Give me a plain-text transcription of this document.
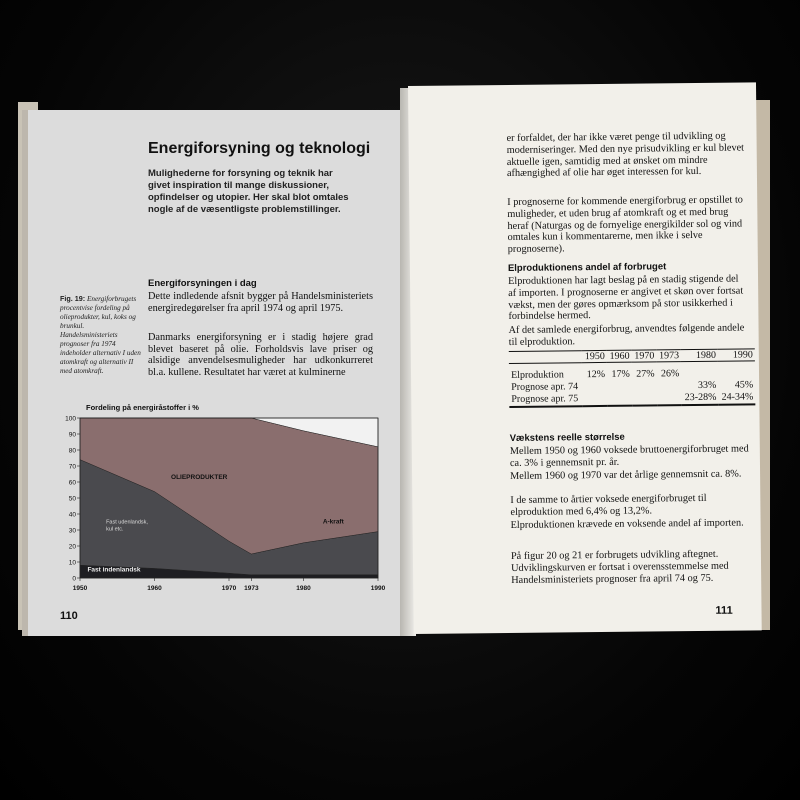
Energiforsyning og teknologi
Mulighederne for forsyning og teknik har givet inspiration til mange diskussioner, opfindelser og utopier. Her skal blot omtales nogle af de væsentligste problemstillinger.
Energiforsyningen i dag
Dette indledende afsnit bygger på Handelsministeriets energiredegørelser fra april 1974 og april 1975.
Danmarks energiforsyning er i stadig højere grad blevet baseret på olie. Forholdsvis lave priser og alsidige anvendelsesmuligheder har udkonkurreret bl.a. kullene. Resultatet har været at kulminerne
Fig. 19: Energiforbrugets procentvise fordeling på olieprodukter, kul, koks og brunkul. Handelsministeriets prognoser fra 1974 indeholder alternativ I uden atomkraft og alternativ II med atomkraft.
Fordeling på energiråstoffer i %
0
10
20
30
40
50
60
70
80
90
100
1950	1960	1970 1973	1980	1990
OLIEPRODUKTER
Fast indenlandsk
A-kraft
Fast udenlandsk,
kul etc.
110
er forfaldet, der har ikke været penge til udvikling og moderniseringer. Med den nye prisudvikling er kul blevet aktuelle igen, samtidig med at ønsket om mindre afhængighed af olie har øget interessen for kul.
I prognoserne for kommende energiforbrug er opstillet to muligheder, et uden brug af atomkraft og et med brug heraf (Naturgas og de fornyelige energikilder sol og vind omtales kun i kommentarerne, men ikke i selve prognoserne).
Elproduktionens andel af forbruget
Elproduktionen har lagt beslag på en stadig stigende del af importen. I prognoserne er angivet et skøn over fortsat vækst, men der gøres opmærksom på stor usikkerhed i forbindelse hermed.
Af det samlede energiforbrug, anvendtes følgende andele til elproduktion.
	1950	1960	1970	1973	1980	1990

Elproduktion	12%	17%	27%	26%		
Prognose apr. 74					33%	45%
Prognose apr. 75					23-28%	24-34%
Vækstens reelle størrelse
Mellem 1950 og 1960 voksede bruttoenergiforbruget med ca. 3% i gennemsnit pr. år.
Mellem 1960 og 1970 var det årlige gennemsnit ca. 8%.
I de samme to årtier voksede energiforbruget til elproduktion med 6,4% og 13,2%.
Elproduktionen krævede en voksende andel af importen.
På figur 20 og 21 er forbrugets udvikling aftegnet. Udviklingskurven er fortsat i overensstemmelse med Handelsministeriets prognoser fra april 74 og 75.
111
